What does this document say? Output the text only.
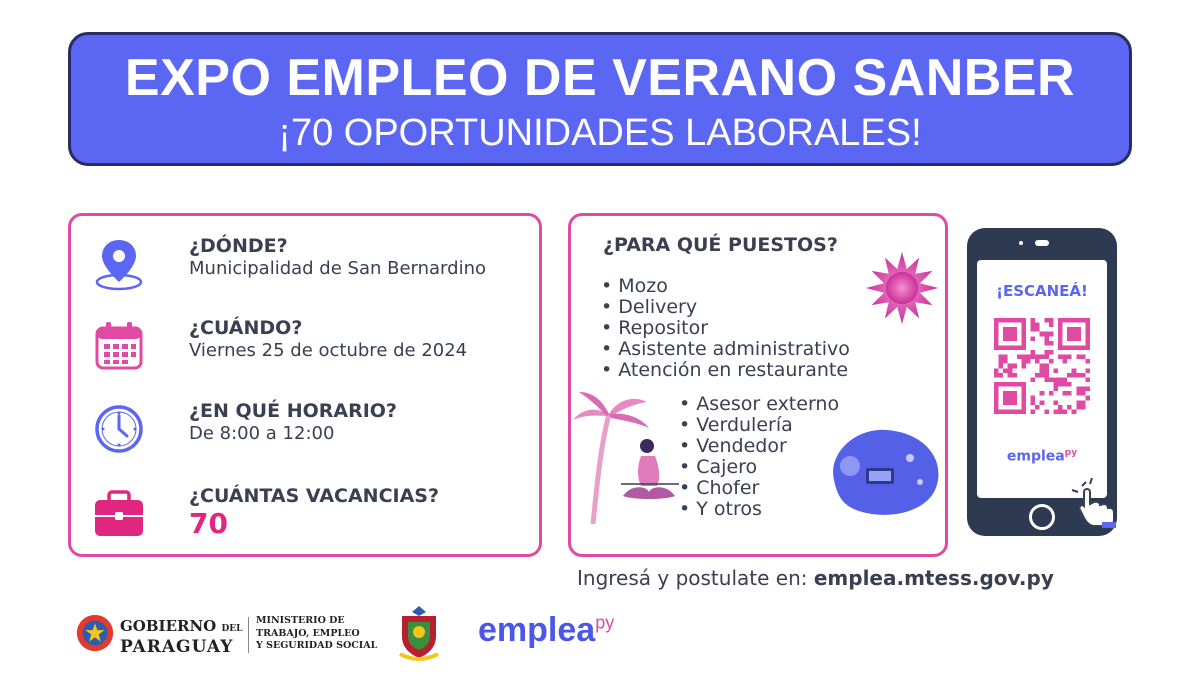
EXPO EMPLEO DE VERANO SANBER
¡70 OPORTUNIDADES LABORALES!
¿DÓNDE?
Municipalidad de San Bernardino
¿CUÁNDO?
Viernes 25 de octubre de 2024
¿EN QUÉ HORARIO?
De 8:00 a 12:00
¿CUÁNTAS VACANCIAS?
70
¿PARA QUÉ PUESTOS?
• Mozo
• Delivery
• Repositor
• Asistente administrativo
• Atención en restaurante
• Asesor externo
• Verdulería
• Vendedor
• Cajero
• Chofer
• Y otros
¡ESCANEÁ!
emplea$^{py}$
Ingresá y postulate en: emplea.mtess.gov.py
GOBIERNO DEL
PARAGUAY
MINISTERIO DE
TRABAJO, EMPLEO
Y SEGURIDAD SOCIAL	emplea$^{py}$
